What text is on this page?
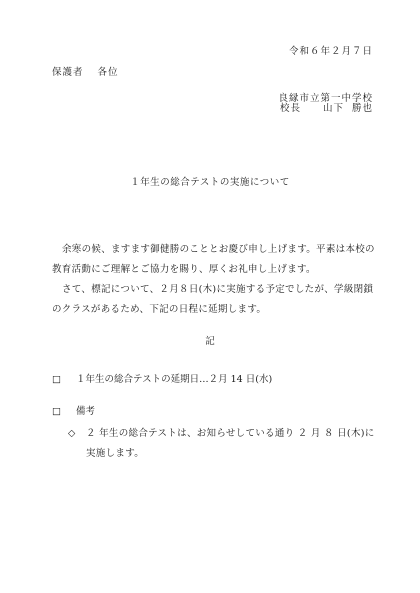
令和６年２月７日
保護者 各位
良縁市立第一中学校
校長 山下 勝也
１年生の総合テストの実施について
余寒の候、ますます御健勝のこととお慶び申し上げます。平素は本校の教育活動にご理解とご協力を賜り、厚くお礼申し上げます。
さて、標記について、２月８日(木)に実施する予定でしたが、学級閉鎖のクラスがあるため、下記の日程に延期します。
記
□ １年生の総合テストの延期日…２月 14 日(水)
□ 備考
◇ ２ 年生の総合テストは、お知らせしている通り ２ 月 ８ 日(木)に実施します。
